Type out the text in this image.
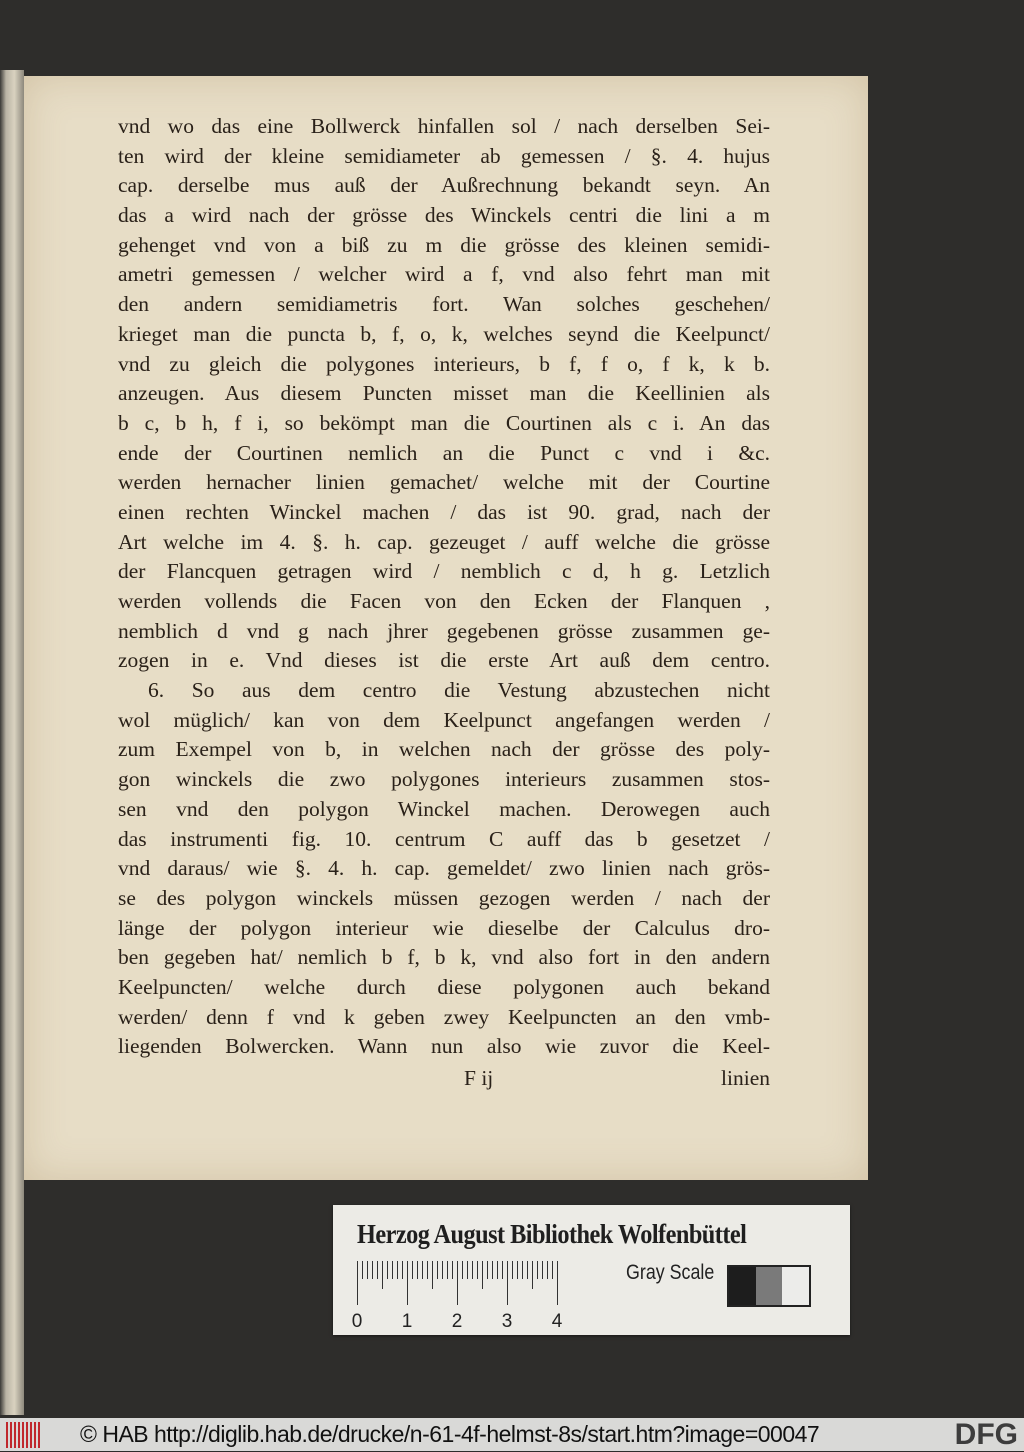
vnd wo das eine Bollwerck hinfallen sol / nach derselben Sei-
ten wird der kleine semidiameter ab gemessen / §. 4. hujus
cap. derselbe mus auß der Außrechnung bekandt seyn. An
das a wird nach der grösse des Winckels centri die lini a m
gehenget vnd von a biß zu m die grösse des kleinen semidi-
ametri gemessen / welcher wird a f, vnd also fehrt man mit
den andern semidiametris fort. Wan solches geschehen/
krieget man die puncta b, f, o, k, welches seynd die Keelpunct/
vnd zu gleich die polygones interieurs, b f, f o, f k, k b.
anzeugen. Aus diesem Puncten misset man die Keellinien als
b c, b h, f i, so bekömpt man die Courtinen als c i. An das
ende der Courtinen nemlich an die Punct c vnd i &c.
werden hernacher linien gemachet/ welche mit der Courtine
einen rechten Winckel machen / das ist 90. grad, nach der
Art welche im 4. §. h. cap. gezeuget / auff welche die grösse
der Flancquen getragen wird / nemblich c d, h g. Letzlich
werden vollends die Facen von den Ecken der Flanquen ,
nemblich d vnd g nach jhrer gegebenen grösse zusammen ge-
zogen in e. Vnd dieses ist die erste Art auß dem centro.
6. So aus dem centro die Vestung abzustechen nicht
wol müglich/ kan von dem Keelpunct angefangen werden /
zum Exempel von b, in welchen nach der grösse des poly-
gon winckels die zwo polygones interieurs zusammen stos-
sen vnd den polygon Winckel machen. Derowegen auch
das instrumenti fig. 10. centrum C auff das b gesetzet /
vnd daraus/ wie §. 4. h. cap. gemeldet/ zwo linien nach grös-
se des polygon winckels müssen gezogen werden / nach der
länge der polygon interieur wie dieselbe der Calculus dro-
ben gegeben hat/ nemlich b f, b k, vnd also fort in den andern
Keelpuncten/ welche durch diese polygonen auch bekand
werden/ denn f vnd k geben zwey Keelpuncten an den vmb-
liegenden Bolwercken. Wann nun also wie zuvor die Keel-
F ij	linien
Herzog August Bibliothek Wolfenbüttel
0 1 2 3 4
Gray Scale
© HAB http://diglib.hab.de/drucke/n-61-4f-helmst-8s/start.htm?image=00047	DFG
